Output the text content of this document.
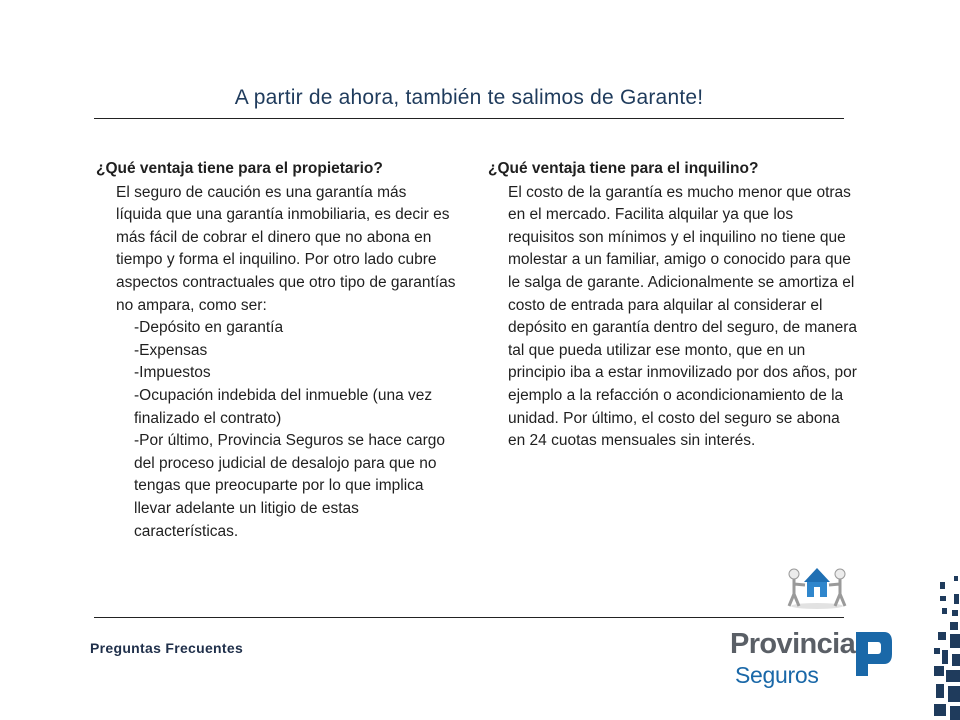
A partir de ahora, también te salimos de Garante!
¿Qué ventaja tiene para el propietario?
El seguro de caución es una garantía más líquida que una garantía inmobiliaria, es decir es más fácil de cobrar el dinero que no abona en tiempo y forma el inquilino. Por otro lado cubre aspectos contractuales que otro tipo de garantías no ampara, como ser:
-Depósito en garantía
-Expensas
-Impuestos
-Ocupación indebida del inmueble (una vez finalizado el contrato)
-Por último, Provincia Seguros se hace cargo del proceso judicial de desalojo para que no tengas que preocuparte por lo que implica llevar adelante un litigio de estas características.
¿Qué ventaja tiene para el inquilino?
El costo de la garantía es mucho menor que otras en el mercado. Facilita alquilar ya que los requisitos son mínimos y el inquilino no tiene que molestar a un familiar, amigo o conocido para que le salga de garante. Adicionalmente se amortiza el costo de entrada para alquilar al considerar el depósito en garantía dentro del seguro, de manera tal que pueda utilizar ese monto, que en un principio iba a estar inmovilizado por dos años, por ejemplo a la refacción o acondicionamiento de la unidad. Por último, el costo del seguro se abona en 24 cuotas mensuales sin interés.
Preguntas Frecuentes	Provincia
Seguros
